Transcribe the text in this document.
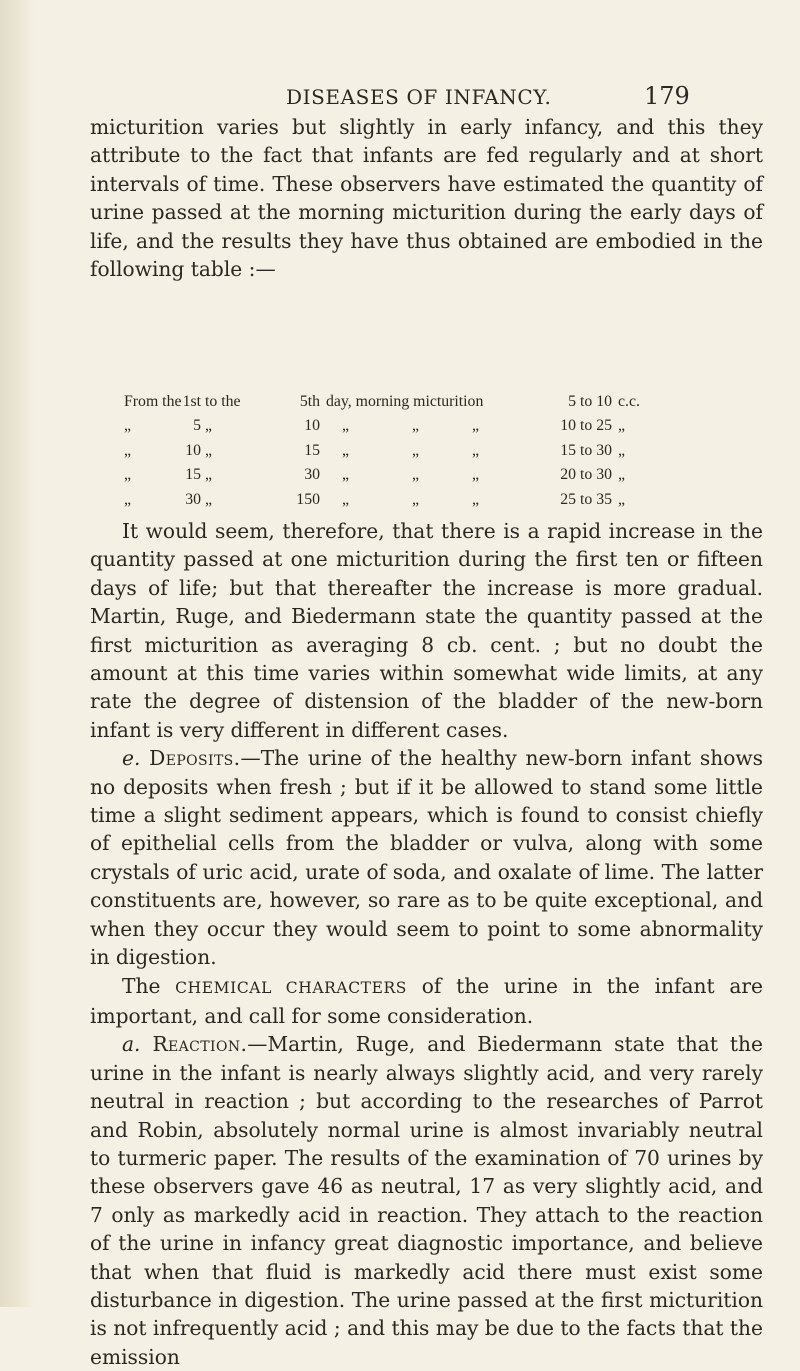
DISEASES OF INFANCY.	179

micturition varies but slightly in early infancy, and this they attribute to the fact that infants are fed regularly and at short intervals of time. These observers have estimated the quantity of urine passed at the morning micturition during the early days of life, and the results they have thus obtained are embodied in the following table :—

From the 1st to the	5th day, morning micturition	5 to 10 c.c.
„	5 „	10 „	„	„	10 to 25 „
„	10 „	15 „	„	„	15 to 30 „
„	15 „	30 „	„	„	20 to 30 „
„	30 „	150 „	„	„	25 to 35 „

It would seem, therefore, that there is a rapid increase in the quantity passed at one micturition during the first ten or fifteen days of life; but that thereafter the increase is more gradual. Martin, Ruge, and Biedermann state the quantity passed at the first micturition as averaging 8 cb. cent. ; but no doubt the amount at this time varies within somewhat wide limits, at any rate the degree of distension of the bladder of the new-born infant is very different in different cases.

e. Deposits.—The urine of the healthy new-born infant shows no deposits when fresh ; but if it be allowed to stand some little time a slight sediment appears, which is found to consist chiefly of epithelial cells from the bladder or vulva, along with some crystals of uric acid, urate of soda, and oxalate of lime. The latter constituents are, however, so rare as to be quite exceptional, and when they occur they would seem to point to some abnormality in digestion.

The CHEMICAL CHARACTERS of the urine in the infant are important, and call for some consideration.

a. Reaction.—Martin, Ruge, and Biedermann state that the urine in the infant is nearly always slightly acid, and very rarely neutral in reaction ; but according to the researches of Parrot and Robin, absolutely normal urine is almost invariably neutral to turmeric paper. The results of the examination of 70 urines by these observers gave 46 as neutral, 17 as very slightly acid, and 7 only as markedly acid in reaction. They attach to the reaction of the urine in infancy great diagnostic importance, and believe that when that fluid is markedly acid there must exist some disturbance in digestion. The urine passed at the first micturition is not infrequently acid ; and this may be due to the facts that the emission
